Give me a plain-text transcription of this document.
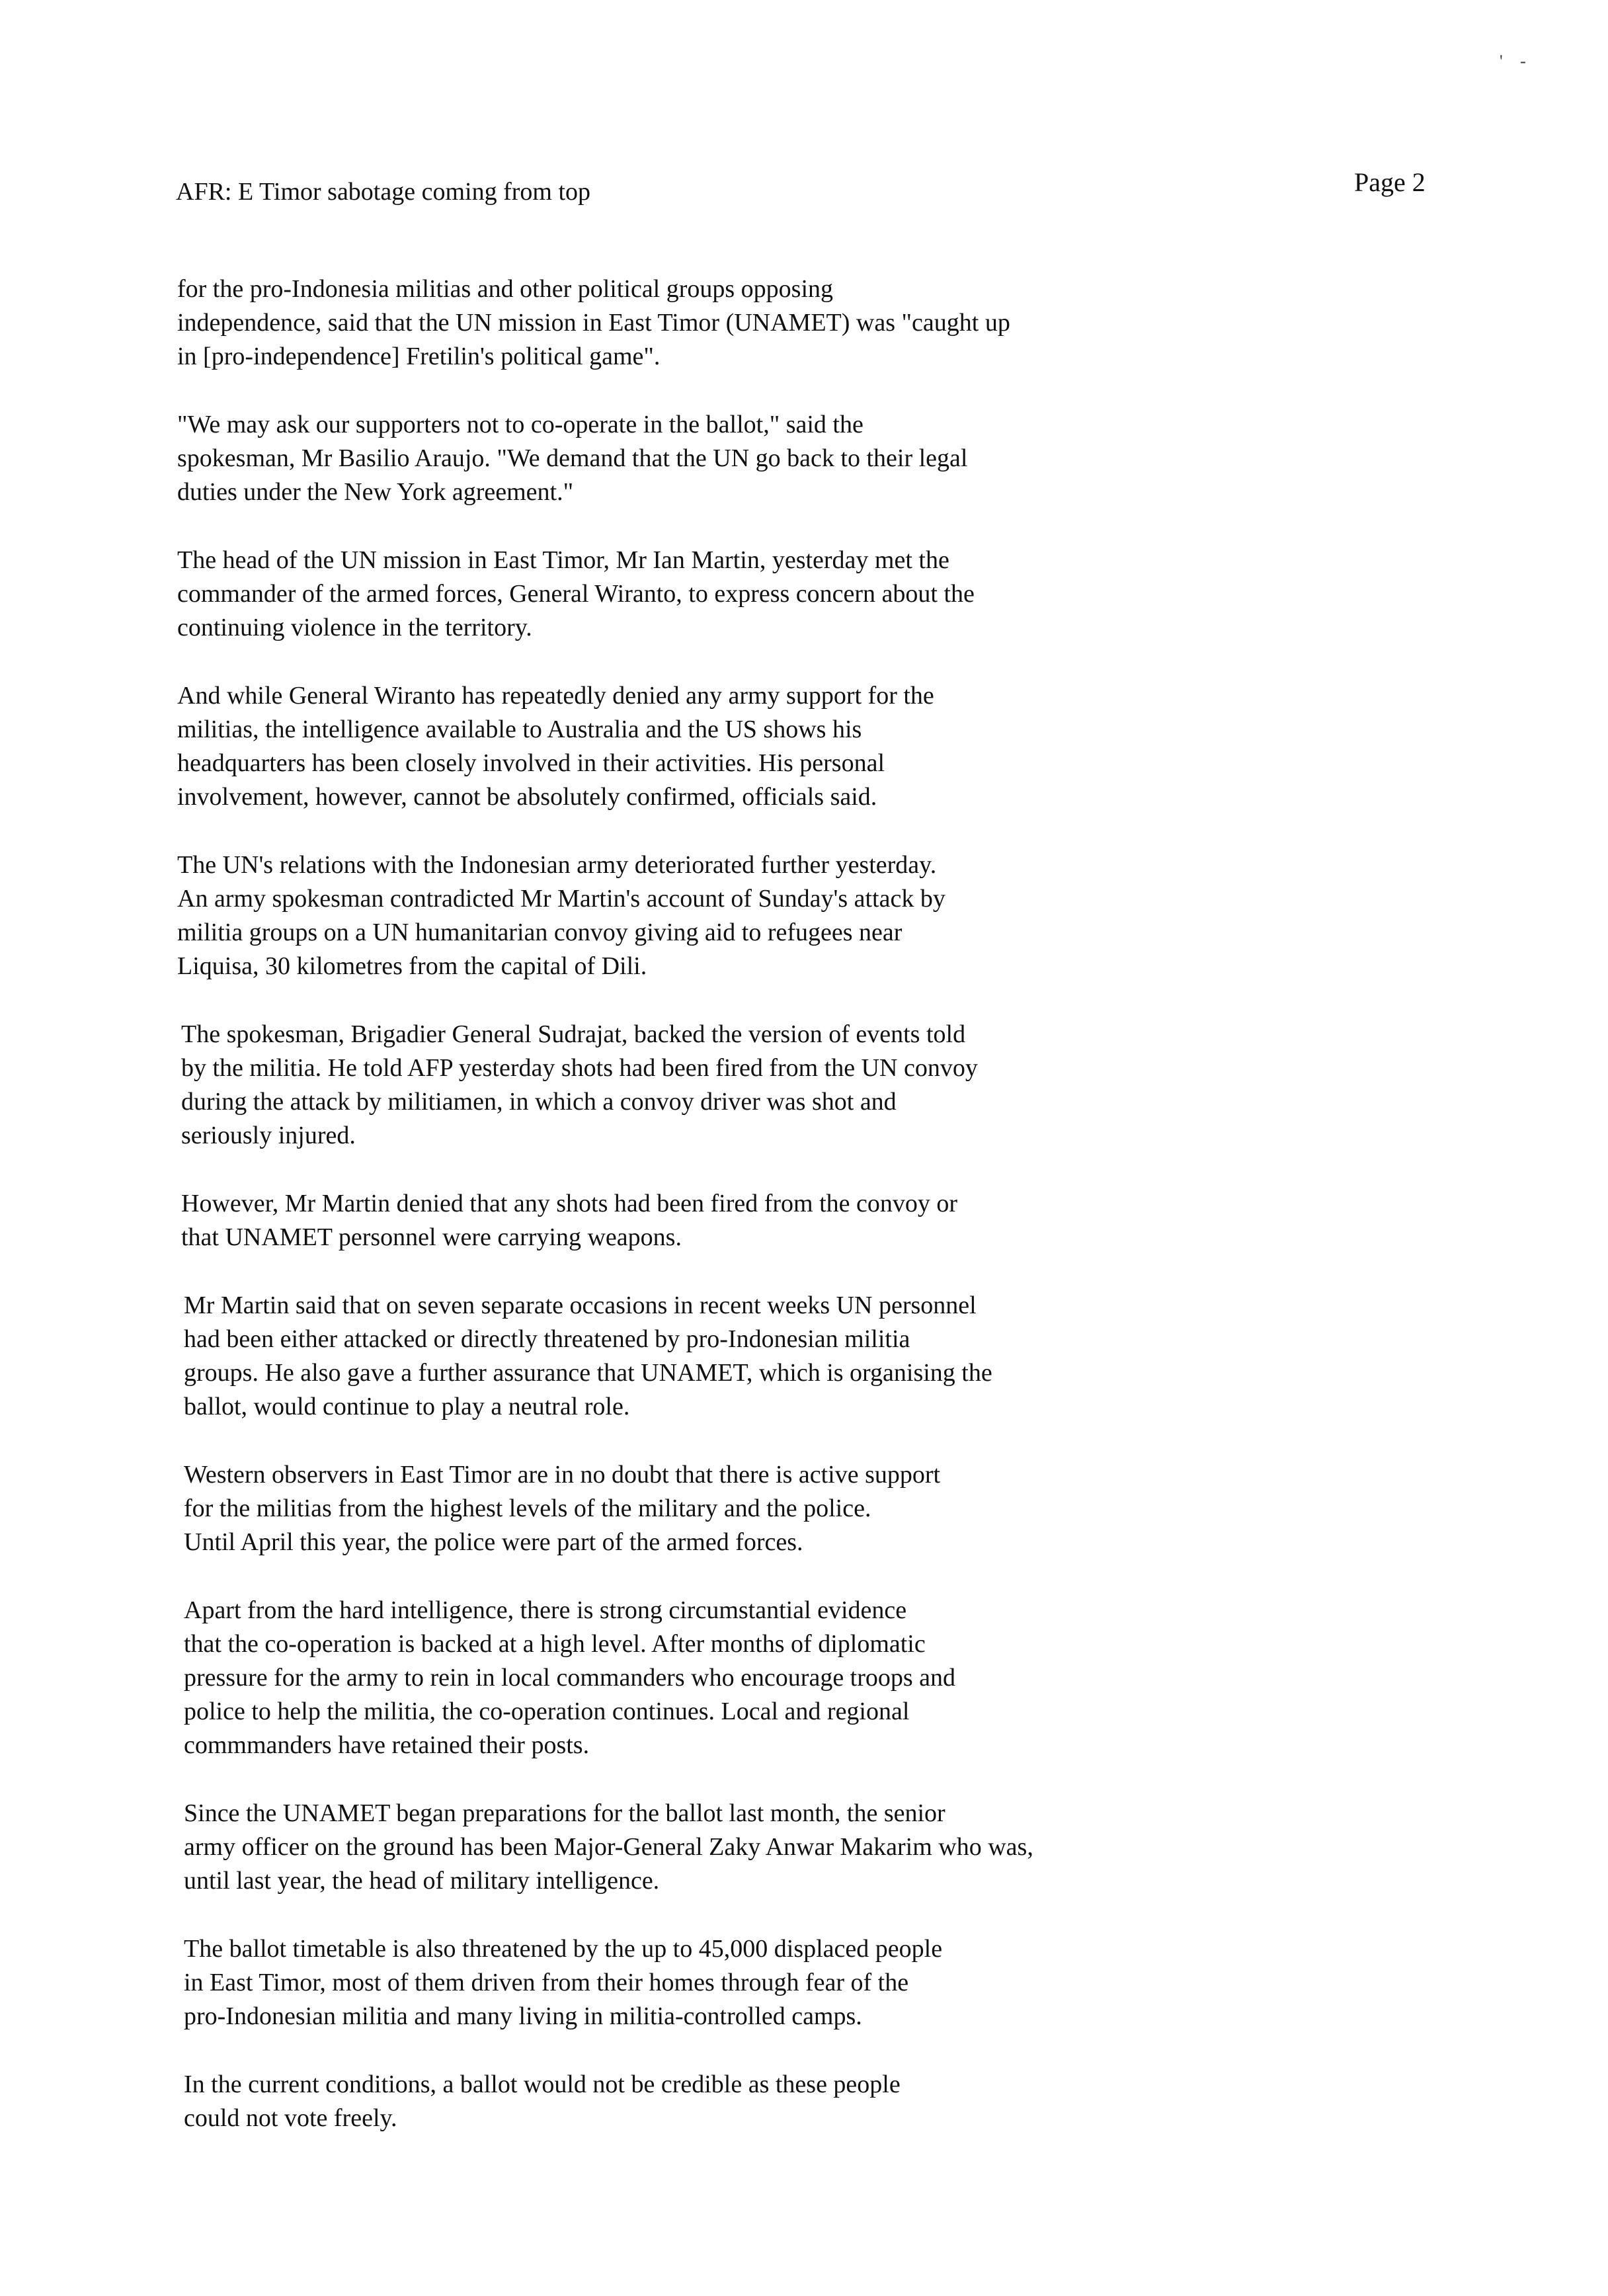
' -
AFR: E Timor sabotage coming from top	Page 2
for the pro-Indonesia militias and other political groups opposing
independence, said that the UN mission in East Timor (UNAMET) was "caught up
in [pro-independence] Fretilin's political game".
"We may ask our supporters not to co-operate in the ballot," said the
spokesman, Mr Basilio Araujo. "We demand that the UN go back to their legal
duties under the New York agreement."
The head of the UN mission in East Timor, Mr Ian Martin, yesterday met the
commander of the armed forces, General Wiranto, to express concern about the
continuing violence in the territory.
And while General Wiranto has repeatedly denied any army support for the
militias, the intelligence available to Australia and the US shows his
headquarters has been closely involved in their activities. His personal
involvement, however, cannot be absolutely confirmed, officials said.
The UN's relations with the Indonesian army deteriorated further yesterday.
An army spokesman contradicted Mr Martin's account of Sunday's attack by
militia groups on a UN humanitarian convoy giving aid to refugees near
Liquisa, 30 kilometres from the capital of Dili.
The spokesman, Brigadier General Sudrajat, backed the version of events told
by the militia. He told AFP yesterday shots had been fired from the UN convoy
during the attack by militiamen, in which a convoy driver was shot and
seriously injured.
However, Mr Martin denied that any shots had been fired from the convoy or
that UNAMET personnel were carrying weapons.
Mr Martin said that on seven separate occasions in recent weeks UN personnel
had been either attacked or directly threatened by pro-Indonesian militia
groups. He also gave a further assurance that UNAMET, which is organising the
ballot, would continue to play a neutral role.
Western observers in East Timor are in no doubt that there is active support
for the militias from the highest levels of the military and the police.
Until April this year, the police were part of the armed forces.
Apart from the hard intelligence, there is strong circumstantial evidence
that the co-operation is backed at a high level. After months of diplomatic
pressure for the army to rein in local commanders who encourage troops and
police to help the militia, the co-operation continues. Local and regional
commmanders have retained their posts.
Since the UNAMET began preparations for the ballot last month, the senior
army officer on the ground has been Major-General Zaky Anwar Makarim who was,
until last year, the head of military intelligence.
The ballot timetable is also threatened by the up to 45,000 displaced people
in East Timor, most of them driven from their homes through fear of the
pro-Indonesian militia and many living in militia-controlled camps.
In the current conditions, a ballot would not be credible as these people
could not vote freely.
